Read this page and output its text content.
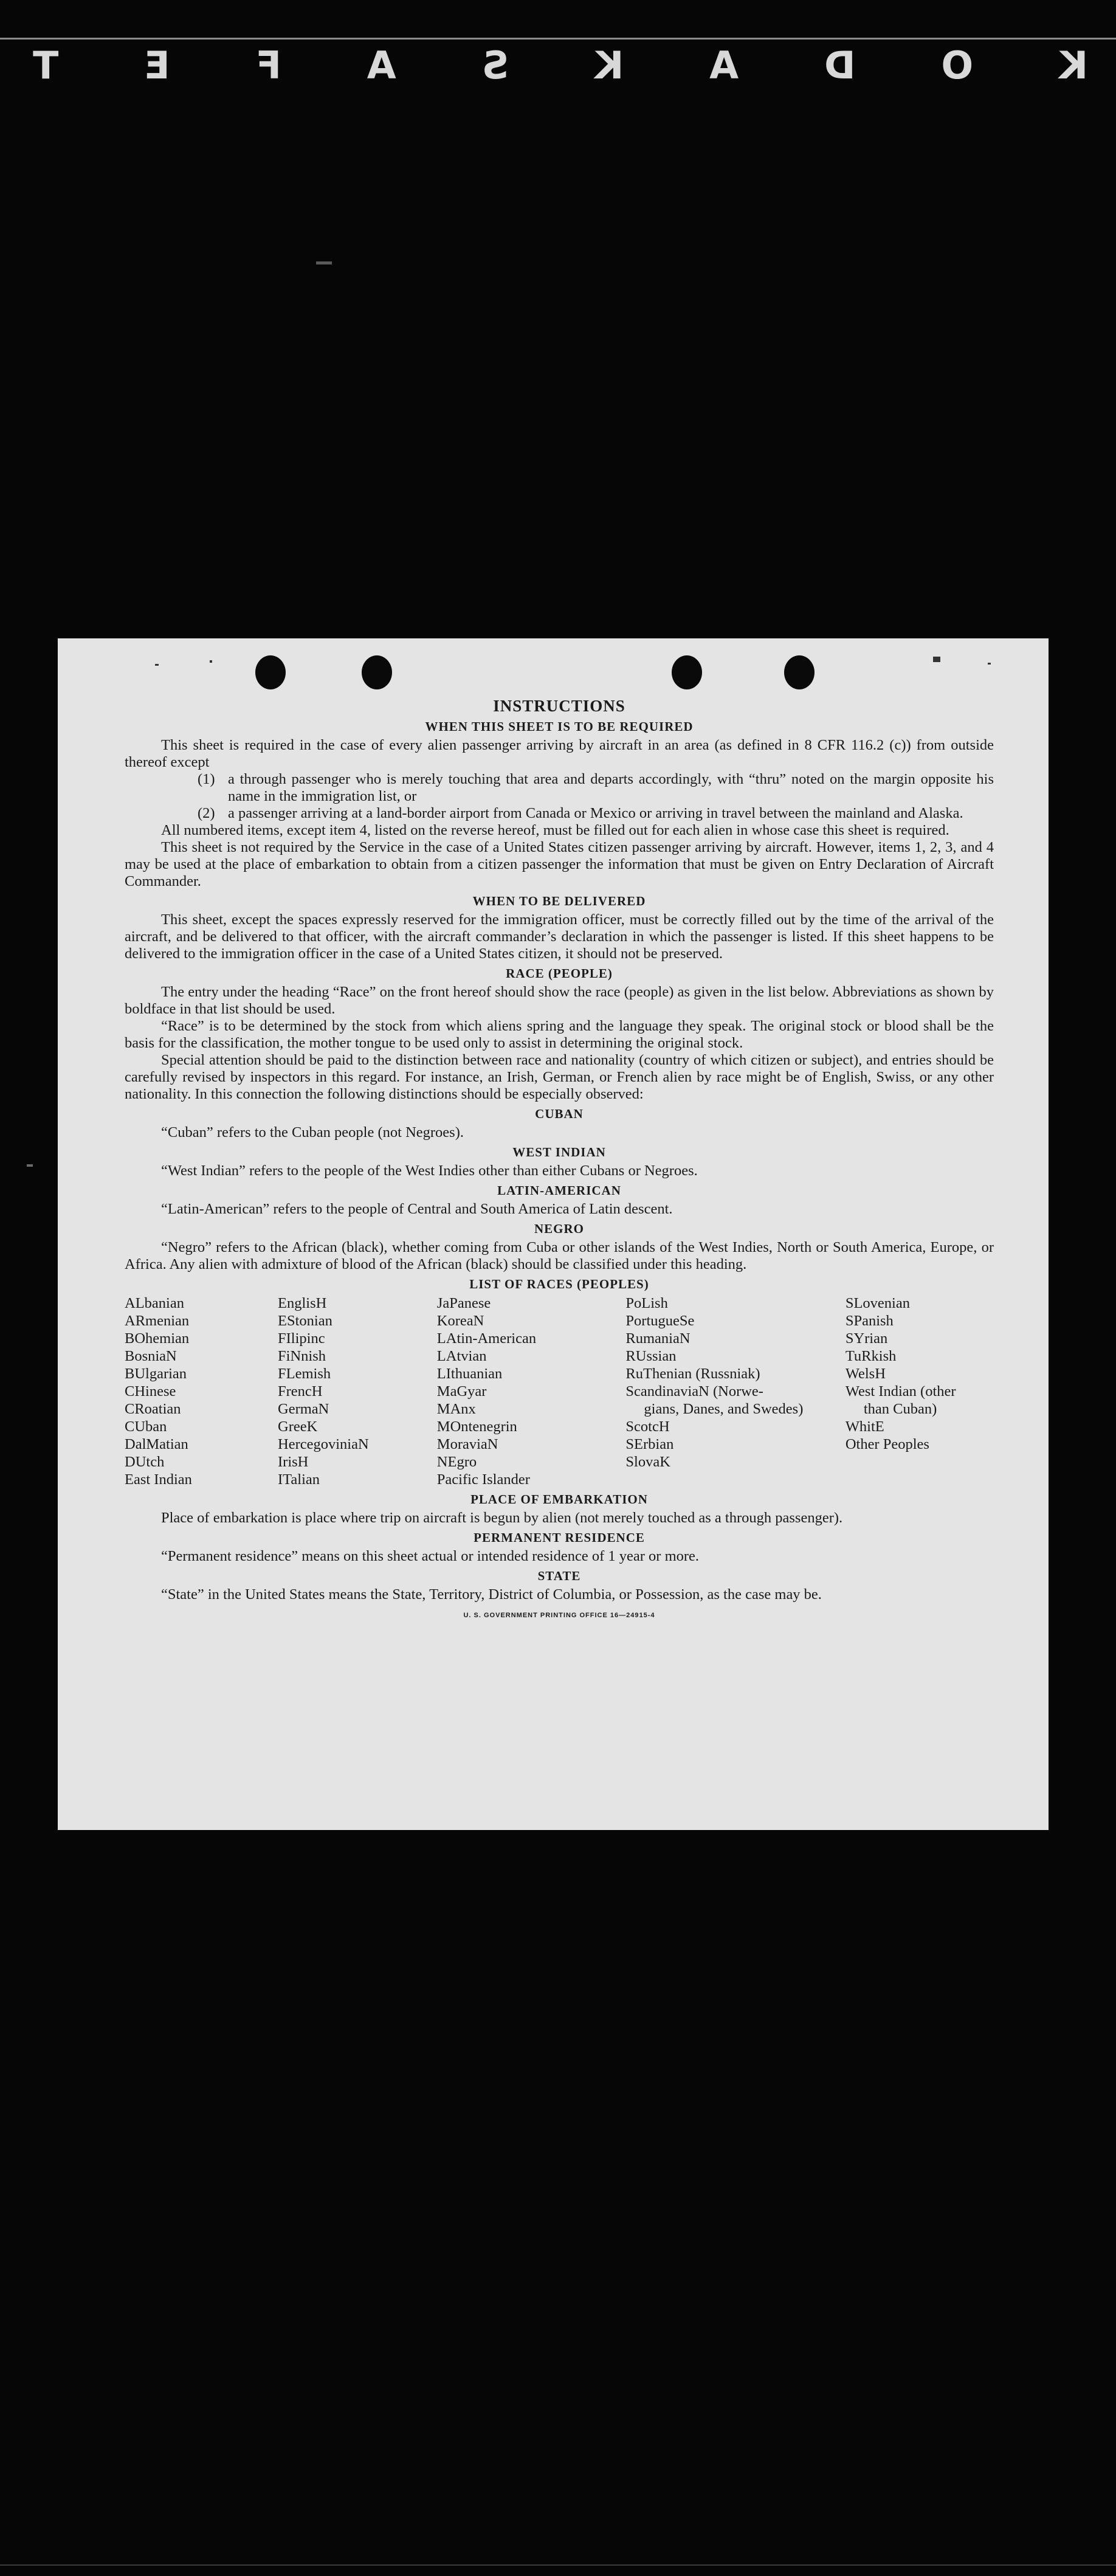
K
O
D
A
K
S
A
F
E
T
INSTRUCTIONS
WHEN THIS SHEET IS TO BE REQUIRED

This sheet is required in the case of every alien passenger arriving by aircraft in an area (as defined in 8 CFR 116.2 (c)) from outside thereof except

(1) a through passenger who is merely touching that area and departs accordingly, with “thru” noted on the margin opposite his name in the immigration list, or
(2) a passenger arriving at a land-border airport from Canada or Mexico or arriving in travel between the mainland and Alaska.

All numbered items, except item 4, listed on the reverse hereof, must be filled out for each alien in whose case this sheet is required.

This sheet is not required by the Service in the case of a United States citizen passenger arriving by aircraft. However, items 1, 2, 3, and 4 may be used at the place of embarkation to obtain from a citizen passenger the information that must be given on Entry Declaration of Aircraft Commander.

WHEN TO BE DELIVERED

This sheet, except the spaces expressly reserved for the immigration officer, must be correctly filled out by the time of the arrival of the aircraft, and be delivered to that officer, with the aircraft commander’s declaration in which the passenger is listed. If this sheet happens to be delivered to the immigration officer in the case of a United States citizen, it should not be preserved.

RACE (PEOPLE)

The entry under the heading “Race” on the front hereof should show the race (people) as given in the list below. Abbreviations as shown by boldface in that list should be used.

“Race” is to be determined by the stock from which aliens spring and the language they speak. The original stock or blood shall be the basis for the classification, the mother tongue to be used only to assist in determining the original stock.

Special attention should be paid to the distinction between race and nationality (country of which citizen or subject), and entries should be carefully revised by inspectors in this regard. For instance, an Irish, German, or French alien by race might be of English, Swiss, or any other nationality. In this connection the following distinctions should be especially observed:

CUBAN

“Cuban” refers to the Cuban people (not Negroes).

WEST INDIAN

“West Indian” refers to the people of the West Indies other than either Cubans or Negroes.

LATIN-AMERICAN

“Latin-American” refers to the people of Central and South America of Latin descent.

NEGRO

“Negro” refers to the African (black), whether coming from Cuba or other islands of the West Indies, North or South America, Europe, or Africa. Any alien with admixture of blood of the African (black) should be classified under this heading.

LIST OF RACES (PEOPLES)
ALbanian
ARmenian
BOhemian
BosniaN
BUlgarian
CHinese
CRoatian
CUban
DalMatian
DUtch
East Indian
EnglisH
EStonian
FIlipinc
FiNnish
FLemish
FrencH
GermaN
GreeK
HercegoviniaN
IrisH
ITalian
JaPanese
KoreaN
LAtin-American
LAtvian
LIthuanian
MaGyar
MAnx
MOntenegrin
MoraviaN
NEgro
Pacific Islander
PoLish
PortugueSe
RumaniaN
RUssian
RuThenian (Russniak)
ScandinaviaN (Norwe-
gians, Danes, and Swedes)
ScotcH
SErbian
SlovaK
SLovenian
SPanish
SYrian
TuRkish
WelsH
West Indian (other
than Cuban)
WhitE
Other Peoples
PLACE OF EMBARKATION

Place of embarkation is place where trip on aircraft is begun by alien (not merely touched as a through passenger).

PERMANENT RESIDENCE

“Permanent residence” means on this sheet actual or intended residence of 1 year or more.

STATE

“State” in the United States means the State, Territory, District of Columbia, or Possession, as the case may be.

U. S. GOVERNMENT PRINTING OFFICE 16—24915-4
